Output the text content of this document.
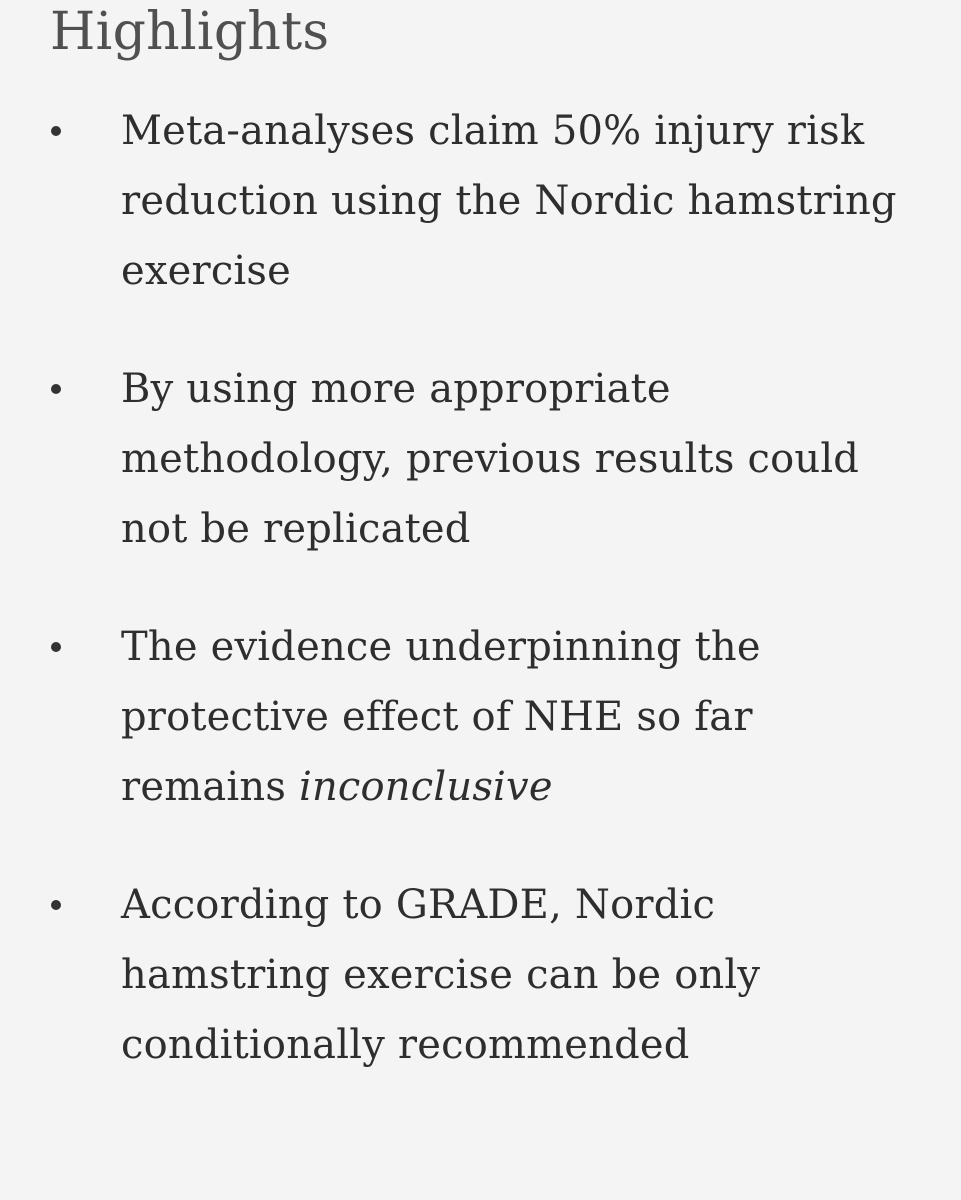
Highlights
Meta-analyses claim 50% injury risk reduction using the Nordic hamstring exercise
By using more appropriate methodology, previous results could not be replicated
The evidence underpinning the protective effect of NHE so far remains inconclusive
According to GRADE, Nordic hamstring exercise can be only conditionally recommended
